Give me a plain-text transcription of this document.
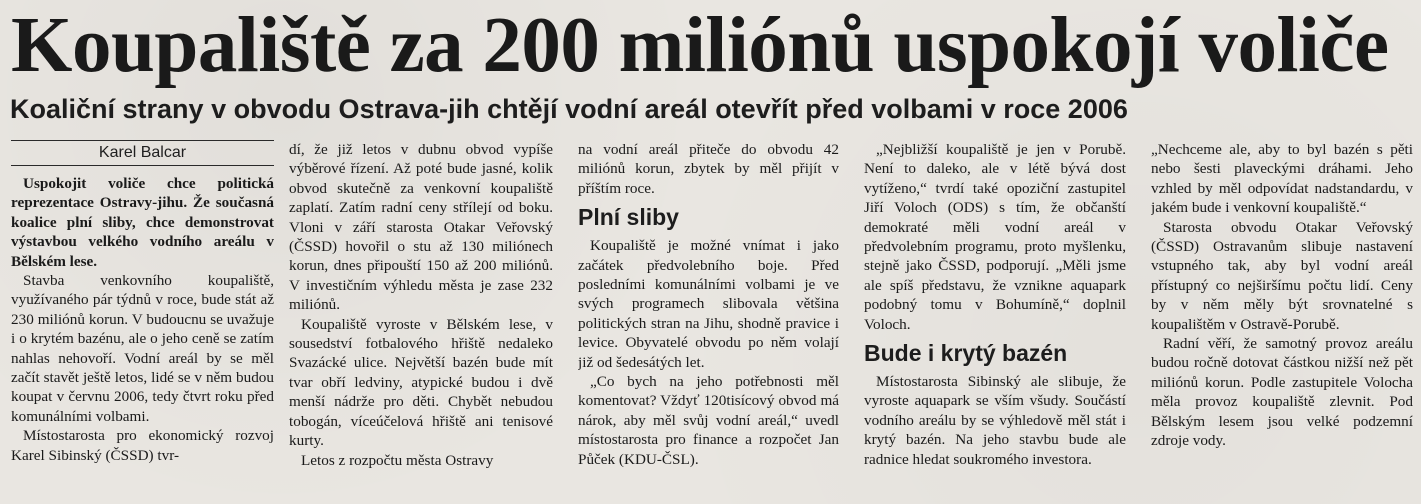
Koupaliště za 200 miliónů uspokojí voliče
Koaliční strany v obvodu Ostrava-jih chtějí vodní areál otevřít před volbami v roce 2006
Karel Balcar

Uspokojit voliče chce politická reprezentace Ostravy-jihu. Že současná koalice plní sliby, chce demonstrovat výstavbou velkého vodního areálu v Bělském lese.

Stavba venkovního koupaliště, využívaného pár týdnů v roce, bude stát až 230 miliónů korun. V budoucnu se uvažuje i o krytém bazénu, ale o jeho ceně se zatím nahlas nehovoří. Vodní areál by se měl začít stavět ještě letos, lidé se v něm budou koupat v červnu 2006, tedy čtvrt roku před komunálními volbami.

Místostarosta pro ekonomický rozvoj Karel Sibinský (ČSSD) tvr-

dí, že již letos v dubnu obvod vypíše výběrové řízení. Až poté bude jasné, kolik obvod skutečně za venkovní koupaliště zaplatí. Zatím radní ceny střílejí od boku. Vloni v září starosta Otakar Veřovský (ČSSD) hovořil o stu až 130 miliónech korun, dnes připouští 150 až 200 miliónů. V investičním výhledu města je zase 232 miliónů.

Koupaliště vyroste v Bělském lese, v sousedství fotbalového hřiště nedaleko Svazácké ulice. Největší bazén bude mít tvar obří ledviny, atypické budou i dvě menší nádrže pro děti. Chybět nebudou tobogán, víceúčelová hřiště ani tenisové kurty.

Letos z rozpočtu města Ostravy

na vodní areál přiteče do obvodu 42 miliónů korun, zbytek by měl přijít v příštím roce.

Plní sliby

Koupaliště je možné vnímat i jako začátek předvolebního boje. Před posledními komunálními volbami je ve svých programech slibovala většina politických stran na Jihu, shodně pravice i levice. Obyvatelé obvodu po něm volají již od šedesátých let.

„Co bych na jeho potřebnosti měl komentovat? Vždyť 120tisícový obvod má nárok, aby měl svůj vodní areál,“ uvedl místostarosta pro finance a rozpočet Jan Půček (KDU-ČSL).

„Nejbližší koupaliště je jen v Porubě. Není to daleko, ale v létě bývá dost vytíženo,“ tvrdí také opoziční zastupitel Jiří Voloch (ODS) s tím, že občanští demokraté měli vodní areál v předvolebním programu, proto myšlenku, stejně jako ČSSD, podporují. „Měli jsme ale spíš představu, že vznikne aquapark podobný tomu v Bohumíně,“ doplnil Voloch.

Bude i krytý bazén

Místostarosta Sibinský ale slibuje, že vyroste aquapark se vším všudy. Součástí vodního areálu by se výhledově měl stát i krytý bazén. Na jeho stavbu bude ale radnice hledat soukromého investora.

„Nechceme ale, aby to byl bazén s pěti nebo šesti plaveckými dráhami. Jeho vzhled by měl odpovídat nadstandardu, v jakém bude i venkovní koupaliště.“

Starosta obvodu Otakar Veřovský (ČSSD) Ostravanům slibuje nastavení vstupného tak, aby byl vodní areál přístupný co nejširšímu počtu lidí. Ceny by v něm měly být srovnatelné s koupalištěm v Ostravě-Porubě.

Radní věří, že samotný provoz areálu budou ročně dotovat částkou nižší než pět miliónů korun. Podle zastupitele Volocha měla provoz koupaliště zlevnit. Pod Bělským lesem jsou velké podzemní zdroje vody.
